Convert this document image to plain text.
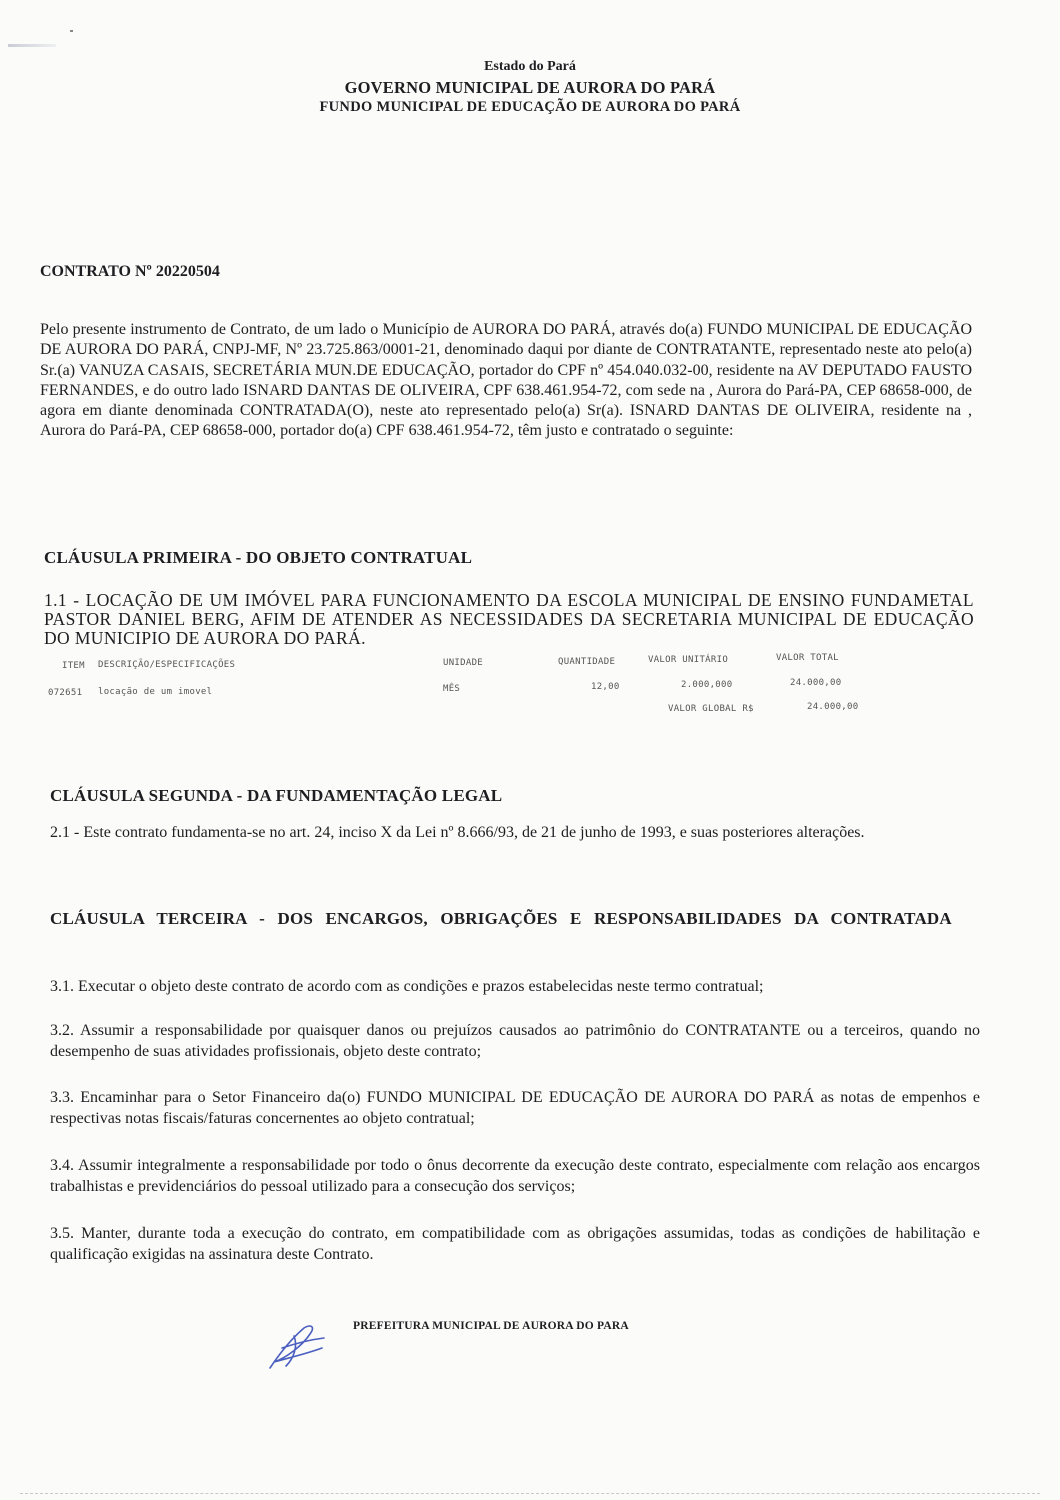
Estado do Pará
GOVERNO MUNICIPAL DE AURORA DO PARÁ
FUNDO MUNICIPAL DE EDUCAÇÃO DE AURORA DO PARÁ
CONTRATO Nº 20220504
Pelo presente instrumento de Contrato, de um lado o Município de AURORA DO PARÁ, através do(a) FUNDO MUNICIPAL DE EDUCAÇÃO DE AURORA DO PARÁ, CNPJ-MF, Nº 23.725.863/0001-21, denominado daqui por diante de CONTRATANTE, representado neste ato pelo(a) Sr.(a) VANUZA CASAIS, SECRETÁRIA MUN.DE EDUCAÇÃO, portador do CPF nº 454.040.032-00, residente na AV DEPUTADO FAUSTO FERNANDES, e do outro lado ISNARD DANTAS DE OLIVEIRA, CPF 638.461.954-72, com sede na , Aurora do Pará-PA, CEP 68658-000, de agora em diante denominada CONTRATADA(O), neste ato representado pelo(a) Sr(a). ISNARD DANTAS DE OLIVEIRA, residente na , Aurora do Pará-PA, CEP 68658-000, portador do(a) CPF 638.461.954-72, têm justo e contratado o seguinte:
CLÁUSULA PRIMEIRA - DO OBJETO CONTRATUAL
1.1 - LOCAÇÃO DE UM IMÓVEL PARA FUNCIONAMENTO DA ESCOLA MUNICIPAL DE ENSINO FUNDAMETAL PASTOR DANIEL BERG, AFIM DE ATENDER AS NECESSIDADES DA SECRETARIA MUNICIPAL DE EDUCAÇÃO DO MUNICIPIO DE AURORA DO PARÁ.
ITEM DESCRIÇÃO/ESPECIFICAÇÕES	UNIDADE	QUANTIDADE	VALOR UNITÁRIO	VALOR TOTAL
072651 locação de um imovel	MÊS	12,00	2.000,000	24.000,00
VALOR GLOBAL R$	24.000,00
CLÁUSULA SEGUNDA - DA FUNDAMENTAÇÃO LEGAL
2.1 - Este contrato fundamenta-se no art. 24, inciso X da Lei nº 8.666/93, de 21 de junho de 1993, e suas posteriores alterações.
CLÁUSULA TERCEIRA - DOS ENCARGOS, OBRIGAÇÕES E RESPONSABILIDADES DA CONTRATADA
3.1. Executar o objeto deste contrato de acordo com as condições e prazos estabelecidas neste termo contratual;
3.2. Assumir a responsabilidade por quaisquer danos ou prejuízos causados ao patrimônio do CONTRATANTE ou a terceiros, quando no desempenho de suas atividades profissionais, objeto deste contrato;
3.3. Encaminhar para o Setor Financeiro da(o) FUNDO MUNICIPAL DE EDUCAÇÃO DE AURORA DO PARÁ as notas de empenhos e respectivas notas fiscais/faturas concernentes ao objeto contratual;
3.4. Assumir integralmente a responsabilidade por todo o ônus decorrente da execução deste contrato, especialmente com relação aos encargos trabalhistas e previdenciários do pessoal utilizado para a consecução dos serviços;
3.5. Manter, durante toda a execução do contrato, em compatibilidade com as obrigações assumidas, todas as condições de habilitação e qualificação exigidas na assinatura deste Contrato.
PREFEITURA MUNICIPAL DE AURORA DO PARA
